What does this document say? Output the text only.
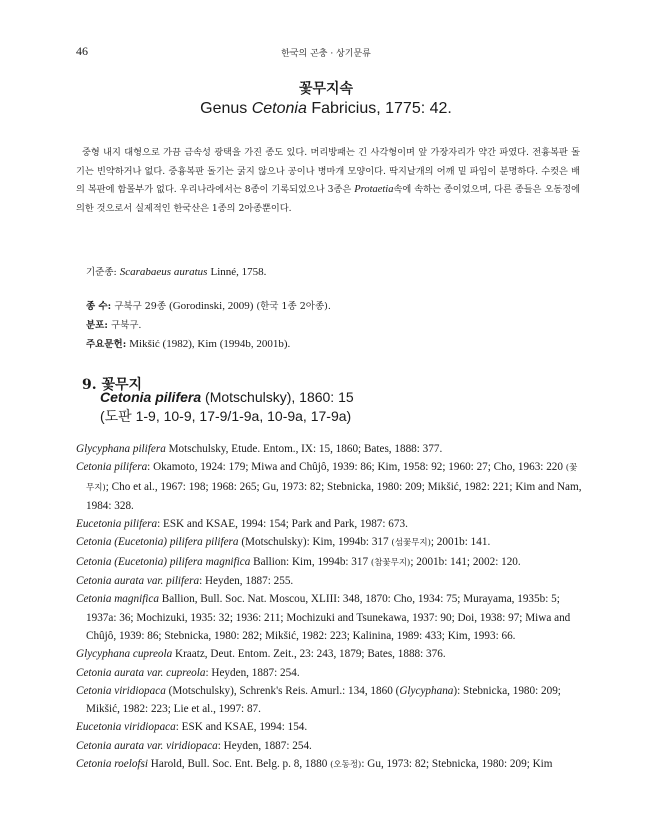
46	한국의 곤충 · 상기문류
꽃무지속
Genus Cetonia Fabricius, 1775: 42.

중형 내지 대형으로 가끔 금속성 광택을 가진 종도 있다. 머리방패는 긴 사각형이며 앞 가장자리가 약간 파였다. 전흉복판 돌기는 빈약하거나 없다. 중흉복판 돌기는 굵지 않으나 공이나 병마개 모양이다. 딱지날개의 어깨 밑 파임이 분명하다. 수컷은 배의 복판에 함몰부가 없다. 우리나라에서는 8종이 기록되었으나 3종은 Protaetia속에 속하는 종이었으며, 다른 종들은 오동정에 의한 것으로서 실제적인 한국산은 1종의 2아종뿐이다.

기준종: Scarabaeus auratus Linné, 1758.
종 수: 구북구 29종 (Gorodinski, 2009) (한국 1종 2아종).
분포: 구북구.
주요문헌: Mikšić (1982), Kim (1994b, 2001b).
9. 꽃무지
Cetonia pilifera (Motschulsky), 1860: 15
(도판 1-9, 10-9, 17-9/1-9a, 10-9a, 17-9a)

Glycyphana pilifera Motschulsky, Etude. Entom., IX: 15, 1860; Bates, 1888: 377.

Cetonia pilifera: Okamoto, 1924: 179; Miwa and Chûjô, 1939: 86; Kim, 1958: 92; 1960: 27; Cho, 1963: 220 (꽃무지); Cho et al., 1967: 198; 1968: 265; Gu, 1973: 82; Stebnicka, 1980: 209; Mikšić, 1982: 221; Kim and Nam, 1984: 328.

Eucetonia pilifera: ESK and KSAE, 1994: 154; Park and Park, 1987: 673.

Cetonia (Eucetonia) pilifera pilifera (Motschulsky): Kim, 1994b: 317 (섬꽃무지); 2001b: 141.

Cetonia (Eucetonia) pilifera magnifica Ballion: Kim, 1994b: 317 (참꽃무지); 2001b: 141; 2002: 120.

Cetonia aurata var. pilifera: Heyden, 1887: 255.

Cetonia magnifica Ballion, Bull. Soc. Nat. Moscou, XLIII: 348, 1870: Cho, 1934: 75; Murayama, 1935b: 5; 1937a: 36; Mochizuki, 1935: 32; 1936: 211; Mochizuki and Tsunekawa, 1937: 90; Doi, 1938: 97; Miwa and Chûjô, 1939: 86; Stebnicka, 1980: 282; Mikšić, 1982: 223; Kalinina, 1989: 433; Kim, 1993: 66.

Glycyphana cupreola Kraatz, Deut. Entom. Zeit., 23: 243, 1879; Bates, 1888: 376.

Cetonia aurata var. cupreola: Heyden, 1887: 254.

Cetonia viridiopaca (Motschulsky), Schrenk's Reis. Amurl.: 134, 1860 (Glycyphana): Stebnicka, 1980: 209; Mikšić, 1982: 223; Lie et al., 1997: 87.

Eucetonia viridiopaca: ESK and KSAE, 1994: 154.

Cetonia aurata var. viridiopaca: Heyden, 1887: 254.

Cetonia roelofsi Harold, Bull. Soc. Ent. Belg. p. 8, 1880 (오동정): Gu, 1973: 82; Stebnicka, 1980: 209; Kim
